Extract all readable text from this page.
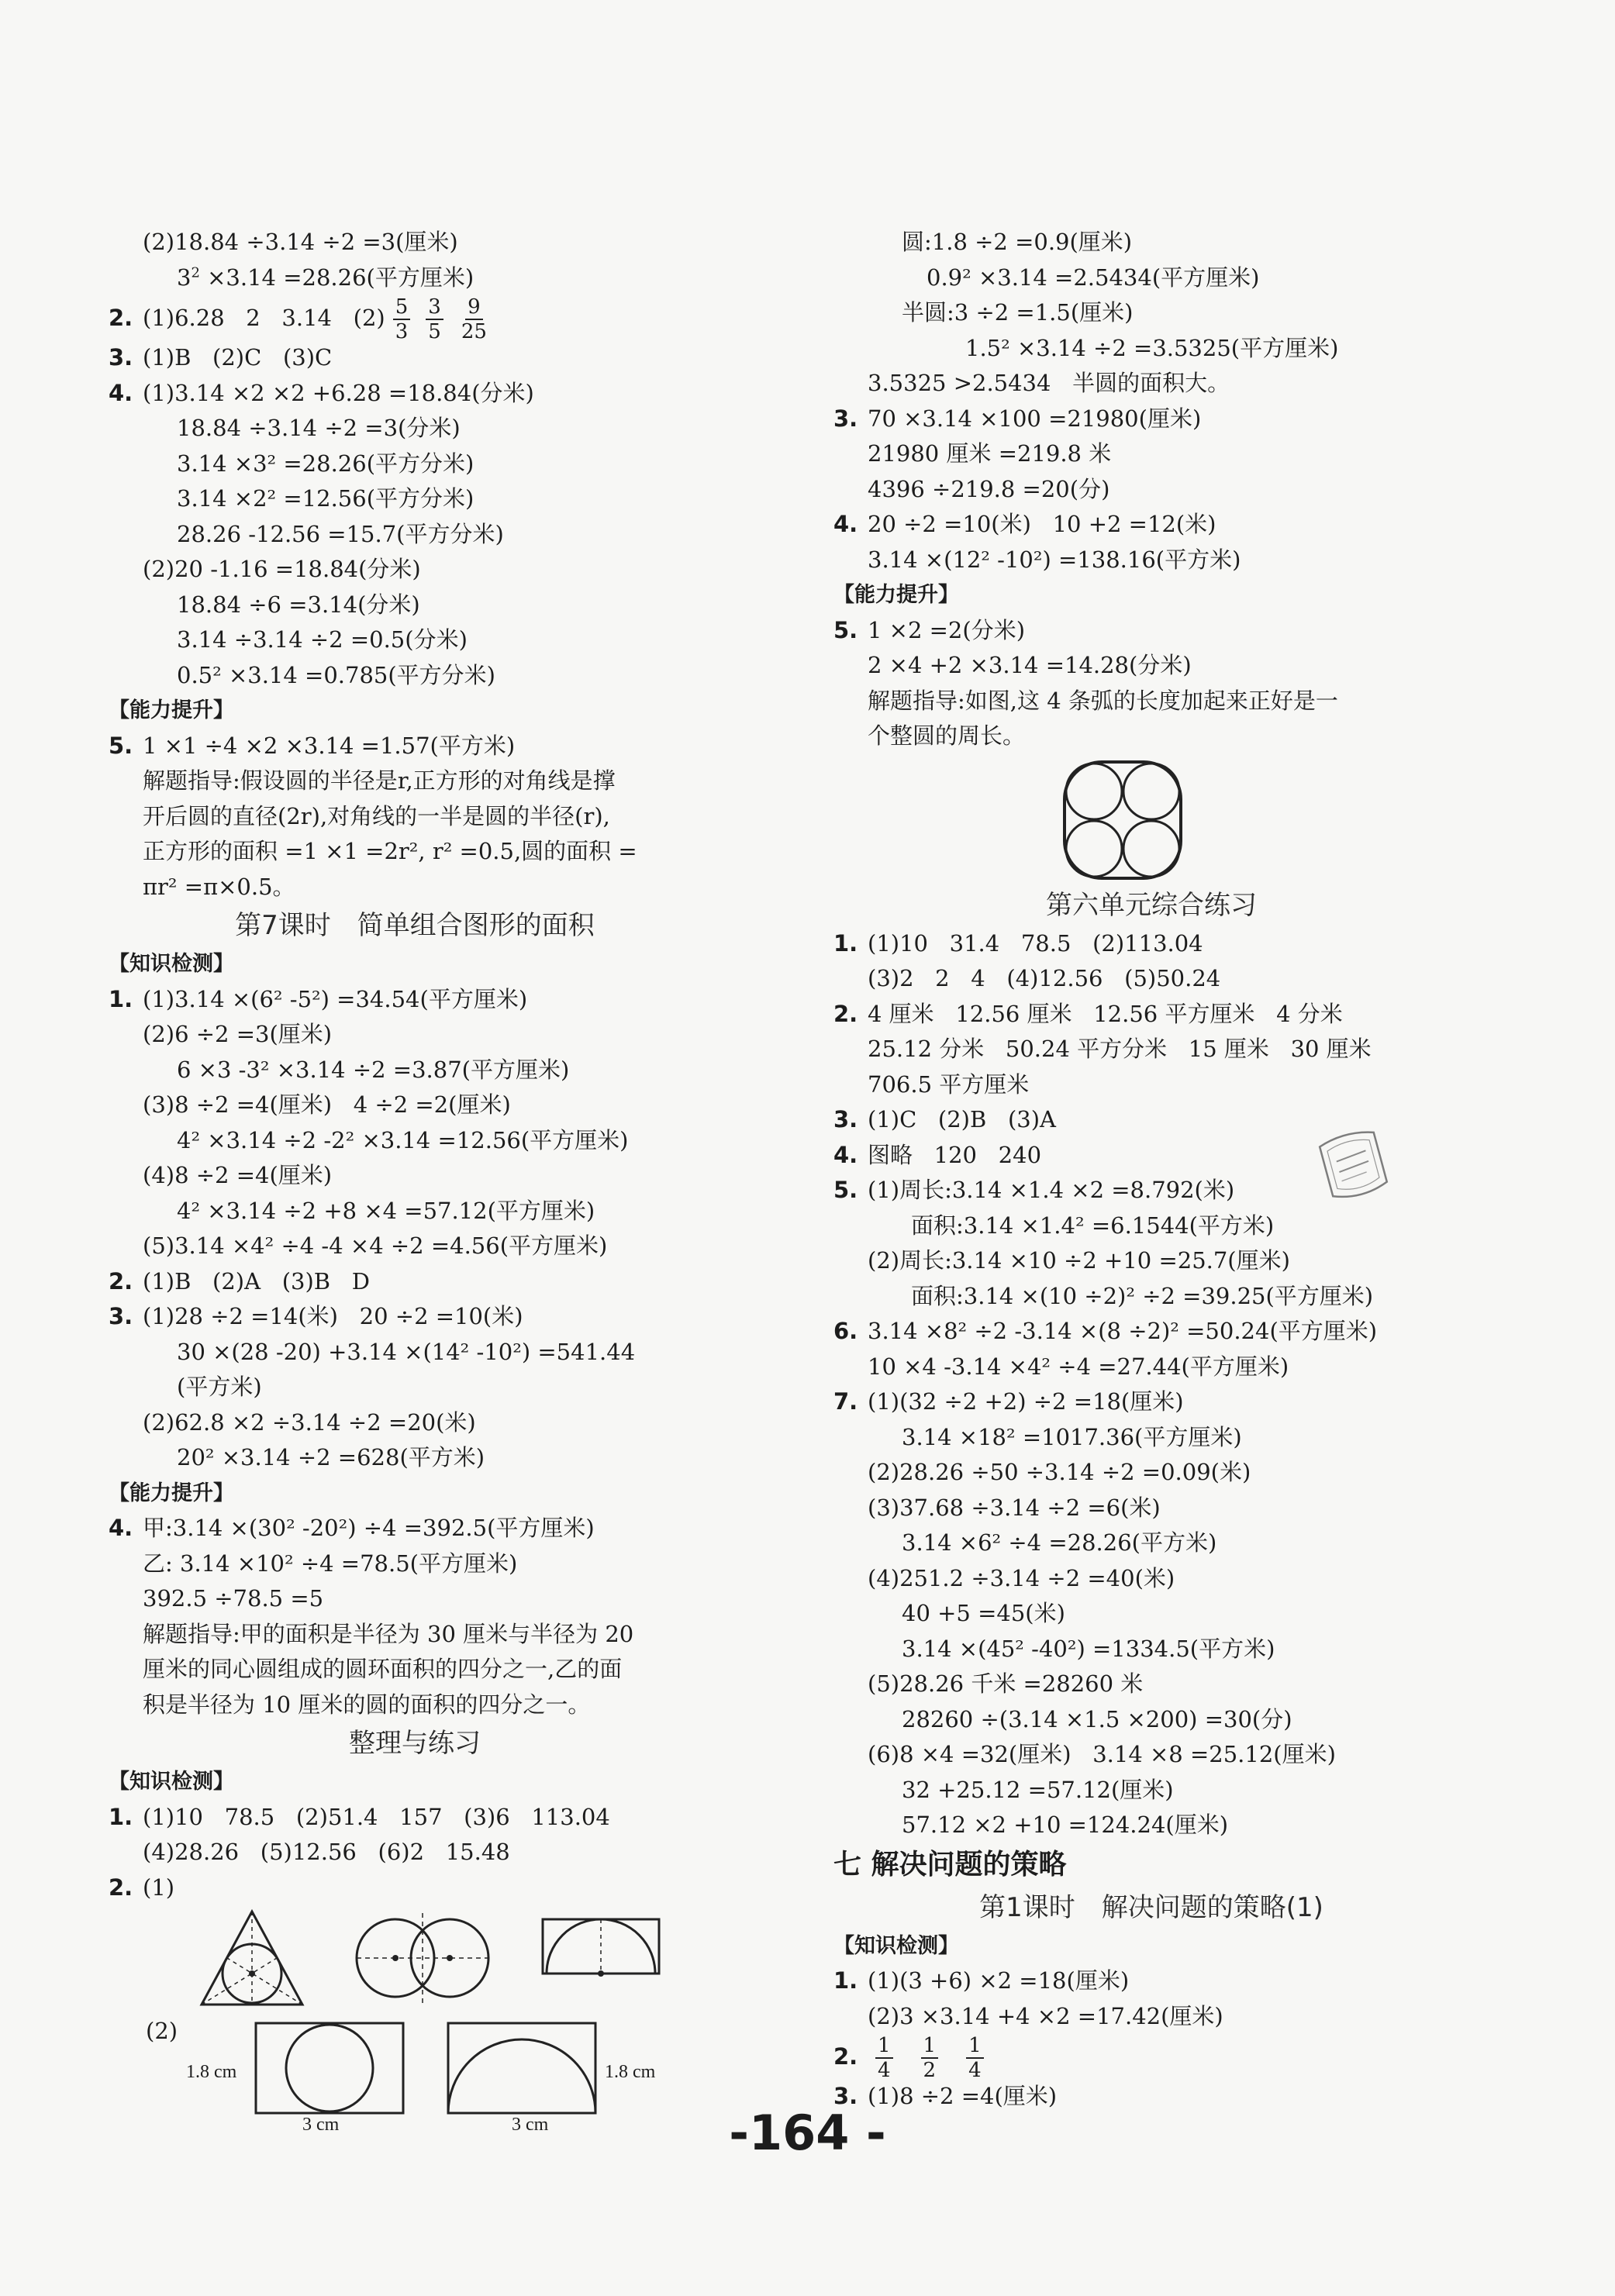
(2)18.84 ÷3.14 ÷2 =3(厘米)
$3^2 \times 3.14 =28.26$(平方厘米)
2. (1)6.28   2   3.14   $(2) \frac{5}{3} \frac{3}{5} \frac{9}{25}$
3. (1)B   (2)C   (3)C
4. (1)3.14 ×2 ×2 +6.28 =18.84(分米)
18.84 ÷3.14 ÷2 =3(分米)
3.14 ×3² =28.26(平方分米)
3.14 ×2² =12.56(平方分米)
28.26 -12.56 =15.7(平方分米)
(2)20 -1.16 =18.84(分米)
18.84 ÷6 =3.14(分米)
3.14 ÷3.14 ÷2 =0.5(分米)
0.5² ×3.14 =0.785(平方分米)
【能力提升】
5. 1 ×1 ÷4 ×2 ×3.14 =1.57(平方米)
解题指导:假设圆的半径是r,正方形的对角线是撑
开后圆的直径(2r),对角线的一半是圆的半径(r),
正方形的面积 =1 ×1 =2r², r² =0.5,圆的面积 =
πr² =π×0.5。
第7课时　简单组合图形的面积
【知识检测】
1. (1)3.14 ×(6² -5²) =34.54(平方厘米)
(2)6 ÷2 =3(厘米)
6 ×3 -3² ×3.14 ÷2 =3.87(平方厘米)
(3)8 ÷2 =4(厘米)   4 ÷2 =2(厘米)
4² ×3.14 ÷2 -2² ×3.14 =12.56(平方厘米)
(4)8 ÷2 =4(厘米)
4² ×3.14 ÷2 +8 ×4 =57.12(平方厘米)
(5)3.14 ×4² ÷4 -4 ×4 ÷2 =4.56(平方厘米)
2. (1)B   (2)A   (3)B   D
3. (1)28 ÷2 =14(米)   20 ÷2 =10(米)
30 ×(28 -20) +3.14 ×(14² -10²) =541.44
(平方米)
(2)62.8 ×2 ÷3.14 ÷2 =20(米)
20² ×3.14 ÷2 =628(平方米)
【能力提升】
4. 甲:3.14 ×(30² -20²) ÷4 =392.5(平方厘米)
乙: 3.14 ×10² ÷4 =78.5(平方厘米)
392.5 ÷78.5 =5
解题指导:甲的面积是半径为 30 厘米与半径为 20
厘米的同心圆组成的圆环面积的四分之一,乙的面
积是半径为 10 厘米的圆的面积的四分之一。
整理与练习
【知识检测】
1. (1)10   78.5   (2)51.4   157   (3)6   113.04
(4)28.26   (5)12.56   (6)2   15.48
2. (1)
(2)
1.8 cm
3 cm
1.8 cm
3 cm
圆:1.8 ÷2 =0.9(厘米)
0.9² ×3.14 =2.5434(平方厘米)
半圆:3 ÷2 =1.5(厘米)
1.5² ×3.14 ÷2 =3.5325(平方厘米)
3.5325 >2.5434   半圆的面积大。
3. 70 ×3.14 ×100 =21980(厘米)
21980 厘米 =219.8 米
4396 ÷219.8 =20(分)
4. 20 ÷2 =10(米)   10 +2 =12(米)
3.14 ×(12² -10²) =138.16(平方米)
【能力提升】
5. 1 ×2 =2(分米)
2 ×4 +2 ×3.14 =14.28(分米)
解题指导:如图,这 4 条弧的长度加起来正好是一
个整圆的周长。
第六单元综合练习
1. (1)10   31.4   78.5   (2)113.04
(3)2   2   4   (4)12.56   (5)50.24
2. 4 厘米   12.56 厘米   12.56 平方厘米   4 分米
25.12 分米   50.24 平方分米   15 厘米   30 厘米
706.5 平方厘米
3. (1)C   (2)B   (3)A
4. 图略   120   240
5. (1)周长:3.14 ×1.4 ×2 =8.792(米)
面积:3.14 ×1.4² =6.1544(平方米)
(2)周长:3.14 ×10 ÷2 +10 =25.7(厘米)
面积:3.14 ×(10 ÷2)² ÷2 =39.25(平方厘米)
6. 3.14 ×8² ÷2 -3.14 ×(8 ÷2)² =50.24(平方厘米)
10 ×4 -3.14 ×4² ÷4 =27.44(平方厘米)
7. (1)(32 ÷2 +2) ÷2 =18(厘米)
3.14 ×18² =1017.36(平方厘米)
(2)28.26 ÷50 ÷3.14 ÷2 =0.09(米)
(3)37.68 ÷3.14 ÷2 =6(米)
3.14 ×6² ÷4 =28.26(平方米)
(4)251.2 ÷3.14 ÷2 =40(米)
40 +5 =45(米)
3.14 ×(45² -40²) =1334.5(平方米)
(5)28.26 千米 =28260 米
28260 ÷(3.14 ×1.5 ×200) =30(分)
(6)8 ×4 =32(厘米)   3.14 ×8 =25.12(厘米)
32 +25.12 =57.12(厘米)
57.12 ×2 +10 =124.24(厘米)
七 解决问题的策略
第1课时　解决问题的策略(1)
【知识检测】
1. (1)(3 +6) ×2 =18(厘米)
(2)3 ×3.14 +4 ×2 =17.42(厘米)
2. $\frac{1}{4} \frac{1}{2} \frac{1}{4}$
3. (1)8 ÷2 =4(厘米)
-164 -
